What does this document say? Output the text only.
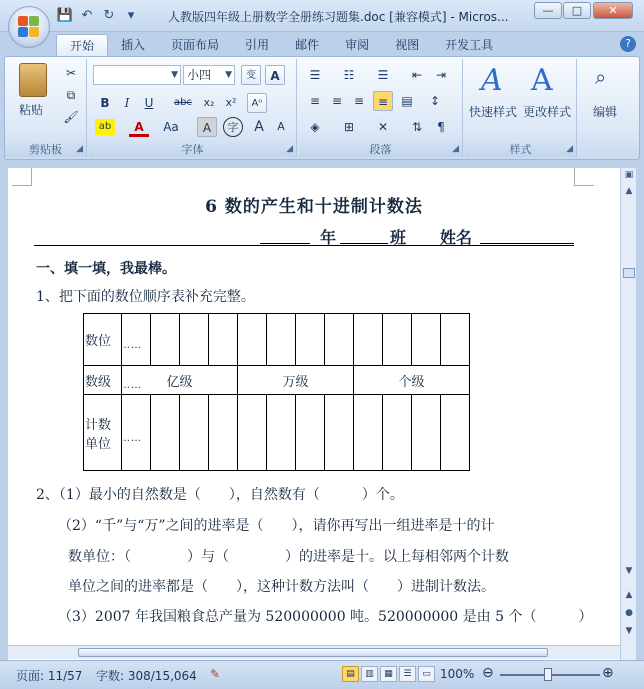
💾 ↶ ↻	▾	人教版四年级上册数学全册练习题集.doc [兼容模式] - Micros...	—	□	✕
开始	插入	页面布局	引用	邮件	审阅	视图	开发工具	?
粘贴
✂
⧉
🖌
剪贴板	◢
▼ 小四 ▼	变	A
B	I	U	abc	x₂	x²	Aᵒ
ab	A	Aa	A	字	A	A
字体	◢
☰	☷	☰	⇤	⇥
≡ ≡ ≡	≡	▤	↕
◈	⊞	✕	⇅	¶
段落	◢
A A
快速样式 更改样式
样式	◢
⌕
编辑
6 数的产生和十进制计数法
年	班 姓名
一、填一填，我最棒。
1、把下面的数位顺序表补充完整。
数位 ……												

数级 ……	亿级				万级				个级			
计数
单位 ……												

2、（1）最小的自然数是（　　），自然数有（　　　）个。
（2）“千”与“万”之间的进率是（　　），请你再写出一组进率是十的计
数单位：（　　　　）与（　　　　）的进率是十。以上每相邻两个计数
单位之间的进率都是（　　），这种计数方法叫（　　）进制计数法。
（3）2007 年我国粮食总产量为 520000000 吨。520000000 是由 5 个（　　　）
▣
▲
▼
▲
●
▼
页面: 11/57 字数: 308/15,064 ✎	▤	▥	▦	☰	▭ 100% ⊖	⊕
